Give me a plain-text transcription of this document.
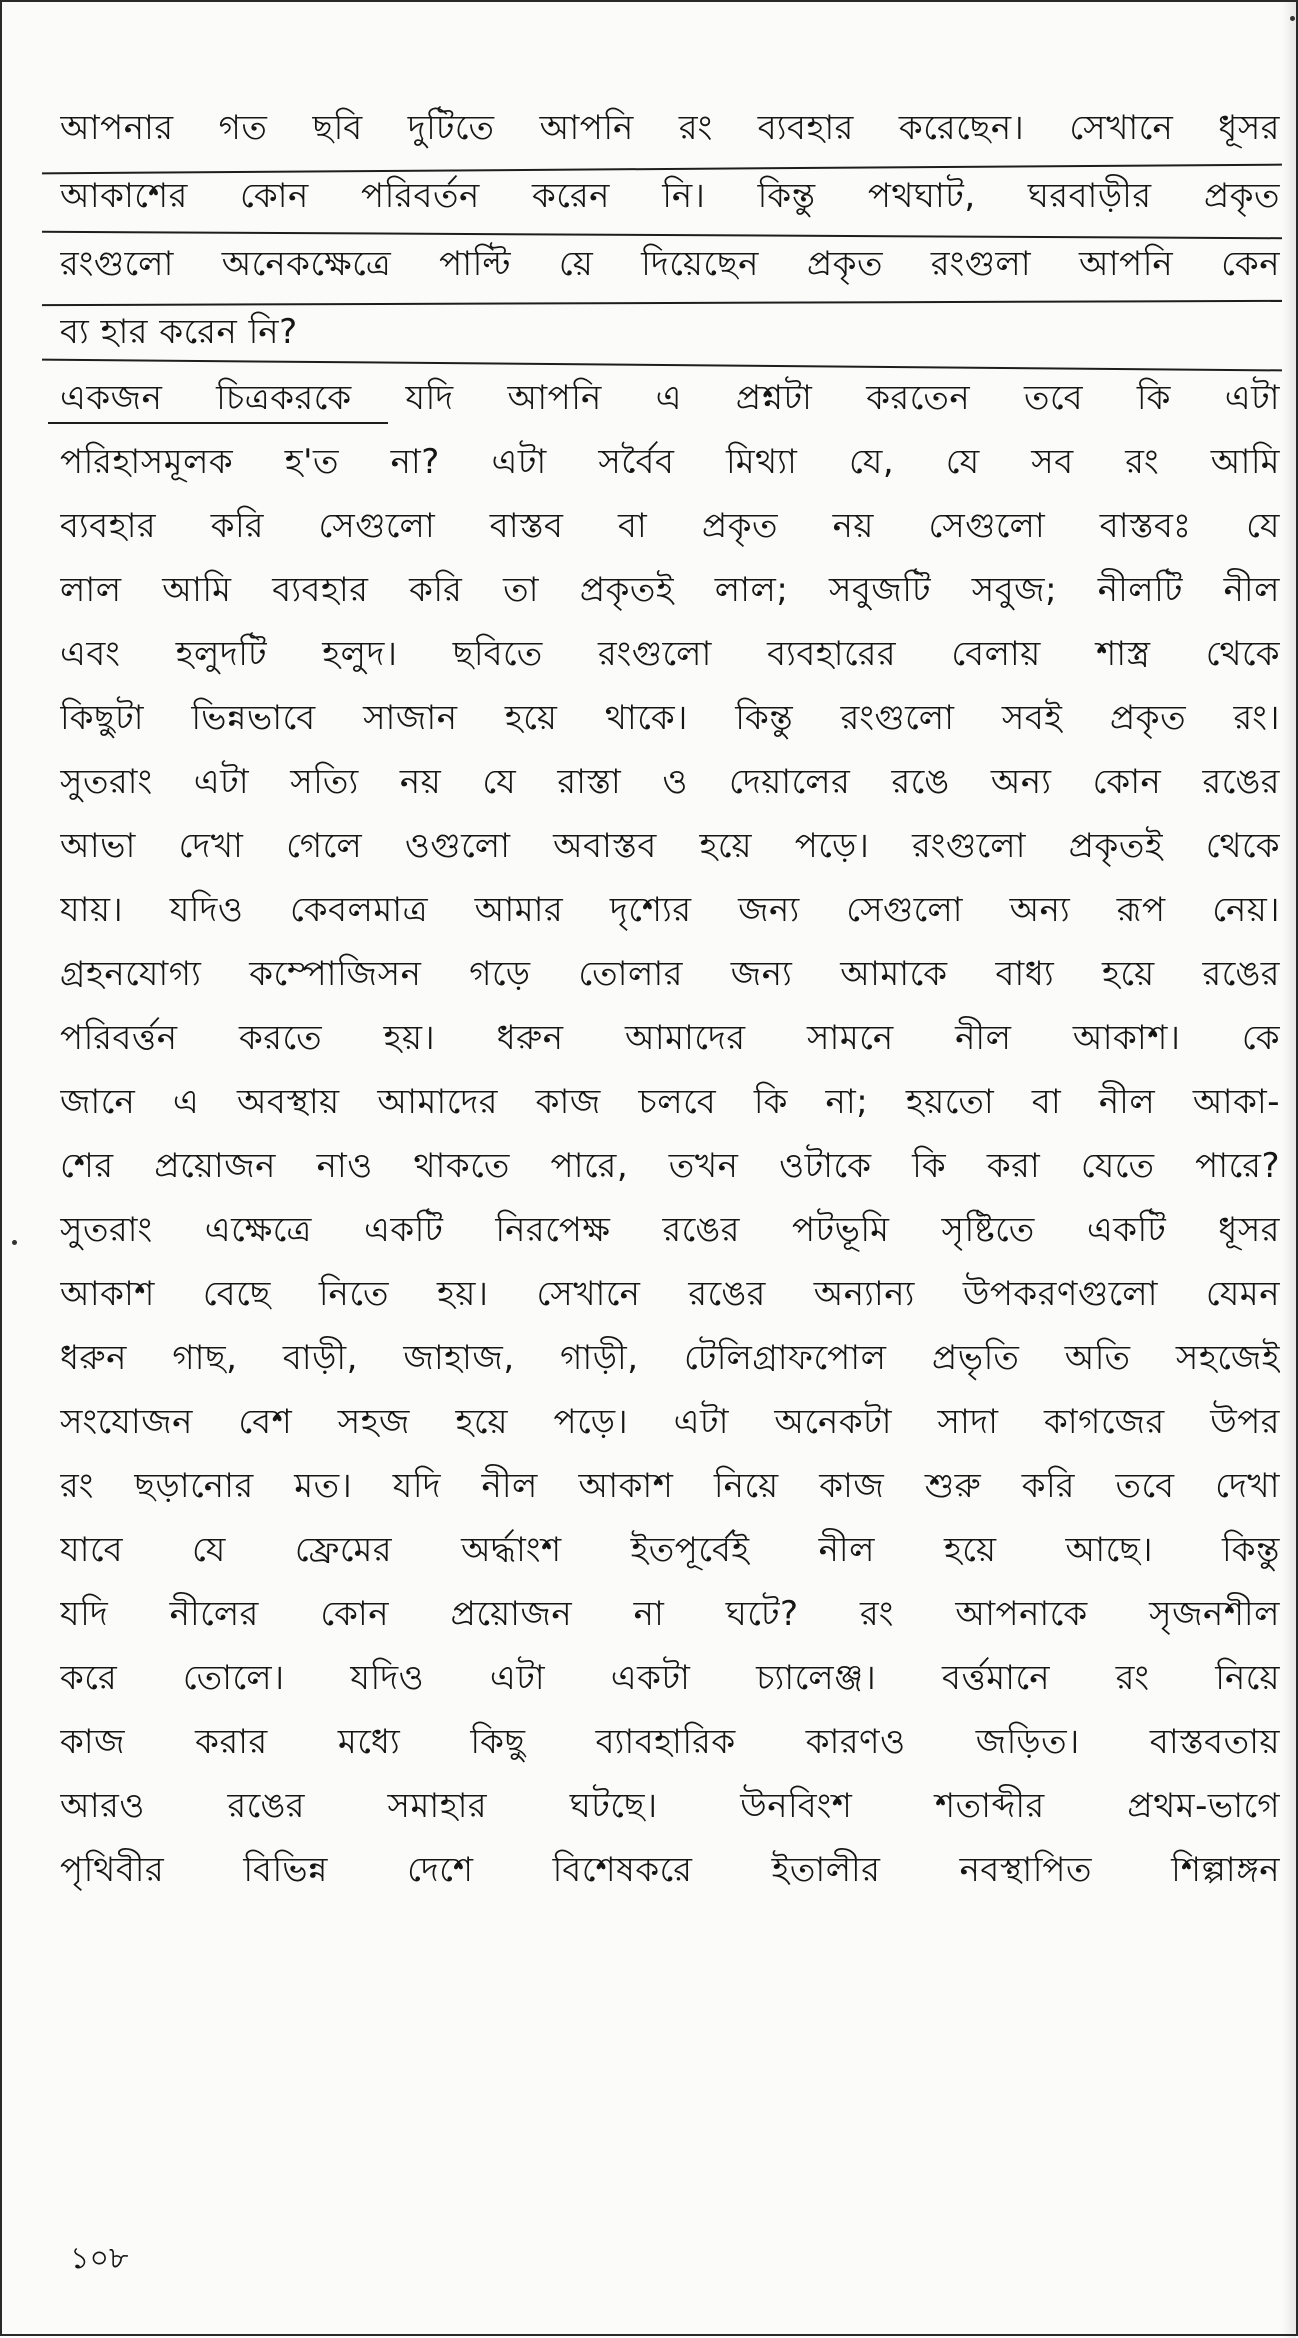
আপনার গত ছবি দুটিতে আপনি রং ব্যবহার করেছেন। সেখানে ধূসর
আকাশের কোন পরিবর্তন করেন নি। কিন্তু পথঘাট, ঘরবাড়ীর প্রকৃত
রংগুলো অনেকক্ষেত্রে পাল্টি য়ে দিয়েছেন প্রকৃত রংগুলা আপনি কেন
ব্য হার করেন নি?
একজন চিত্রকরকে যদি আপনি এ প্রশ্নটা করতেন তবে কি এটা
পরিহাসমূলক হ'ত না? এটা সর্বৈব মিথ্যা যে, যে সব রং আমি
ব্যবহার করি সেগুলো বাস্তব বা প্রকৃত নয় সেগুলো বাস্তবঃ যে
লাল আমি ব্যবহার করি তা প্রকৃতই লাল; সবুজটি সবুজ; নীলটি নীল
এবং হলুদটি হলুদ। ছবিতে রংগুলো ব্যবহারের বেলায় শাস্ত্র থেকে
কিছুটা ভিন্নভাবে সাজান হয়ে থাকে। কিন্তু রংগুলো সবই প্রকৃত রং।
সুতরাং এটা সত্যি নয় যে রাস্তা ও দেয়ালের রঙে অন্য কোন রঙের
আভা দেখা গেলে ওগুলো অবাস্তব হয়ে পড়ে। রংগুলো প্রকৃতই থেকে
যায়। যদিও কেবলমাত্র আমার দৃশ্যের জন্য সেগুলো অন্য রূপ নেয়।
গ্রহনযোগ্য কম্পোজিসন গড়ে তোলার জন্য আমাকে বাধ্য হয়ে রঙের
পরিবর্ত্তন করতে হয়। ধরুন আমাদের সামনে নীল আকাশ। কে
জানে এ অবস্থায় আমাদের কাজ চলবে কি না; হয়তো বা নীল আকা-
শের প্রয়োজন নাও থাকতে পারে, তখন ওটাকে কি করা যেতে পারে?
সুতরাং এক্ষেত্রে একটি নিরপেক্ষ রঙের পটভূমি সৃষ্টিতে একটি ধূসর
আকাশ বেছে নিতে হয়। সেখানে রঙের অন্যান্য উপকরণগুলো যেমন
ধরুন গাছ, বাড়ী, জাহাজ, গাড়ী, টেলিগ্রাফপোল প্রভৃতি অতি সহজেই
সংযোজন বেশ সহজ হয়ে পড়ে। এটা অনেকটা সাদা কাগজের উপর
রং ছড়ানোর মত। যদি নীল আকাশ নিয়ে কাজ শুরু করি তবে দেখা
যাবে যে ফ্রেমের অর্দ্ধাংশ ইতপূর্বেই নীল হয়ে আছে। কিন্তু
যদি নীলের কোন প্রয়োজন না ঘটে? রং আপনাকে সৃজনশীল
করে তোলে। যদিও এটা একটা চ্যালেঞ্জ। বর্ত্তমানে রং নিয়ে
কাজ করার মধ্যে কিছু ব্যাবহারিক কারণও জড়িত। বাস্তবতায়
আরও রঙের সমাহার ঘটছে। উনবিংশ শতাব্দীর প্রথম-ভাগে
পৃথিবীর বিভিন্ন দেশে বিশেষকরে ইতালীর নবস্থাপিত শিল্পাঙ্গন
১০৮
